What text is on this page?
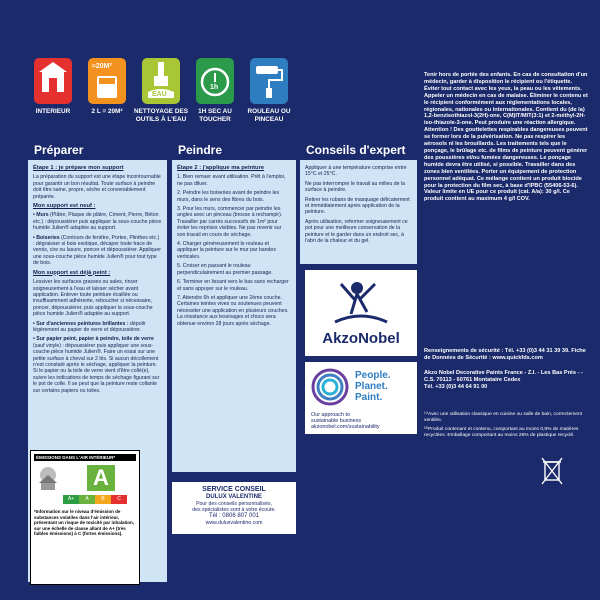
INTERIEUR
≈20M²
2 L = 20M²
EAU
NETTOYAGE DES OUTILS À L'EAU
1h
1H SEC AU TOUCHER
ROULEAU OU PINCEAU
Préparer

Étape 1 : je prépare mon support

La préparation du support est une étape incontournable pour garantir un bon résultat. Toute surface à peindre doit être saine, propre, sèche et convenablement préparée.

Mon support est neuf :

• Murs (Plâtre, Plaque de plâtre, Ciment, Pierre, Béton etc.) : dépoussiérer puis appliquer la sous-couche pièce humide Julien® adaptée au support.

• Boiseries (Contours de fenêtre, Portes, Plinthes etc.) : dégraisser si bois exotique, décaper toute trace de vernis, cire ou lasure, poncer et dépoussiérer. Appliquer une sous-couche pièce humide Julien® pour tout type de bois.

Mon support est déjà peint :

Lessiver les surfaces grasses ou sales, rincer soigneusement à l'eau et laisser sécher avant application. Enlever toute peinture écaillée ou insuffisamment adhérente, reboucher si nécessaire, poncer, dépoussiérer, puis appliquer la sous-couche pièce humide Julien® adaptée au support.

• Sur d'anciennes peintures brillantes : dépolir légèrement au papier de verre et dépoussiérer.

• Sur papier peint, papier à peindre, toile de verre (sauf vinyle) : dépoussiérer puis appliquer une sous-couche pièce humide Julien®. Faire un essai sur une petite surface à cheval sur 2 lés. Si aucun décollement n'est constaté après le séchage, appliquer la peinture. Si le papier ou la toile de verre vient d'être collé(e), suivre les indications de temps de séchage figurant sur le pot de colle. Il se peut que la peinture reste collante sur certains papiers ou toiles.

Peindre

Étape 2 : j'applique ma peinture

1. Bien remuer avant utilisation. Prêt à l'emploi, ne pas diluer.

2. Peindre les boiseries avant de peindre les murs, dans le sens des fibres du bois.

3. Pour les murs, commencer par peindre les angles avec un pinceau (brosse à rechampir). Travailler par carrés successifs de 1m² pour éviter les reprises visibles. Ne pas revenir sur son travail en cours de séchage.

4. Charger généreusement le rouleau et appliquer la peinture sur le mur par bandes verticales.

5. Croiser en passant le rouleau perpendiculairement au premier passage.

6. Terminer en lissant vers le bas sans recharger et sans appuyer sur le rouleau.

7. Attendre 6h et appliquer une 2ème couche. Certaines teintes vives ou soutenues peuvent nécessiter une application en plusieurs couches. La résistance aux lessivages et chocs sera obtenue environ 28 jours après séchage.

SERVICE CONSEIL
DULUX VALENTINE
Pour des conseils personnalisés,
des spécialistes sont à votre écoute.
Tél : 0806 807 001
www.duluxvalentine.com
Conseils d'expert

Appliquer à une température comprise entre 15°C et 25°C.

Ne pas interrompre le travail au milieu de la surface à peindre.

Retirer les rubans de masquage délicatement et immédiatement après application de la peinture.

Après utilisation, refermer soigneusement ce pot pour une meilleure conservation de la peinture et le garder dans un endroit sec, à l'abri de la chaleur et du gel.

AkzoNobel
People.
Planet.
Paint.
Our approach to
sustainable business
akzonobel.com/sustainability
Tenir hors de portée des enfants. En cas de consultation d'un médecin, garder à disposition le récipient ou l'étiquette. Éviter tout contact avec les yeux, la peau ou les vêtements. Appeler un médecin en cas de malaise. Éliminer le contenu et le récipient conformément aux réglementations locales, régionales, nationales ou internationales. Contient du (de la) 1,2-benzisothiazol-3(2H)-one, C(M)IT/MIT(3:1) et 2-méthyl-2H-iso-thiazole-3-one. Peut produire une réaction allergique. Attention ! Des gouttelettes respirables dangereuses peuvent se former lors de la pulvérisation. Ne pas respirer les aérosols ni les brouillards. Les traitements tels que le ponçage, le brûlage etc. de films de peinture peuvent générer des poussières et/ou fumées dangereuses. Le ponçage humide devra être utilisé, si possible. Travailler dans des zones bien ventilées. Porter un équipement de protection personnel adéquat. Ce mélange contient un produit biocide pour la protection du film sec, à base d'IPBC (55406-53-6). Valeur limite en UE pour ce produit (cat. A/a): 30 g/l. Ce produit contient au maximum 4 g/l COV.
Renseignements de sécurité : Tél. +33 (0)3 44 31 39 39. Fiche de Données de Sécurité : www.quickfds.com
Akzo Nobel Decorative Paints France - Z.I. - Les Bas Prés - - C.S. 70113 - 60761 Montataire Cedex
Tél. +33 (0)3 44 64 91 00
⁽¹⁾Avec une utilisation classique en cuisine ou salle de bain, correctement ventilée.
⁽²⁾Produit contenant et contenu, comportant au moins 0,9% de matières recyclées. Emballage comportant au moins 25% de plastique recyclé.
ÉMISSIONS DANS L'AIR INTÉRIEUR*
A
A+	A	B	C
*Information sur le niveau d'émission de substances volatiles dans l'air intérieur, présentant un risque de toxicité par inhalation, sur une échelle de classe allant de A+ (très faibles émissions) à C (fortes émissions).
